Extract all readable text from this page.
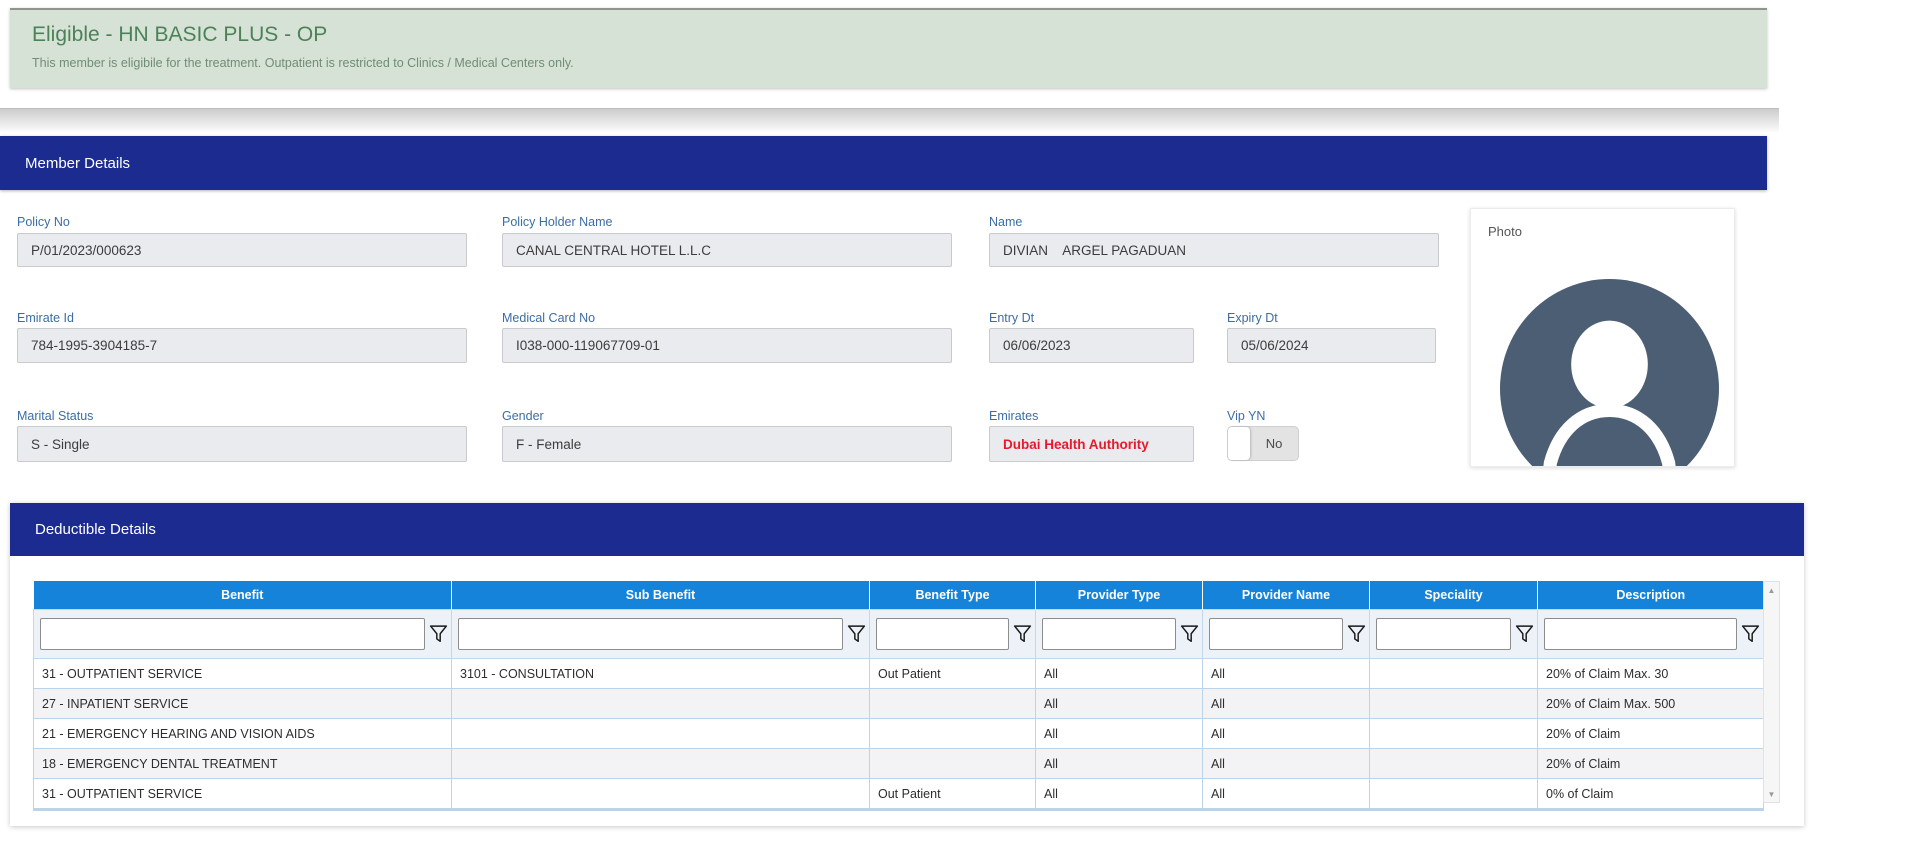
Eligible - HN BASIC PLUS - OP
This member is eligibile for the treatment. Outpatient is restricted to Clinics / Medical Centers only.
Member Details
Policy No
P/01/2023/000623
Policy Holder Name
CANAL CENTRAL HOTEL L.L.C
Name
DIVIAN    ARGEL PAGADUAN
Emirate Id
784-1995-3904185-7
Medical Card No
I038-000-119067709-01
Entry Dt
06/06/2023
Expiry Dt
05/06/2024
Marital Status
S - Single
Gender
F - Female
Emirates
Dubai Health Authority
Vip YN
No
Photo
Deductible Details
Benefit	Sub Benefit	Benefit Type	Provider Type	Provider Name	Speciality	Description

31 - OUTPATIENT SERVICE	3101 - CONSULTATION	Out Patient	All	All		20% of Claim Max. 30
27 - INPATIENT SERVICE			All	All		20% of Claim Max. 500
21 - EMERGENCY HEARING AND VISION AIDS			All	All		20% of Claim
18 - EMERGENCY DENTAL TREATMENT			All	All		20% of Claim
31 - OUTPATIENT SERVICE		Out Patient	All	All		0% of Claim
▲
▼
